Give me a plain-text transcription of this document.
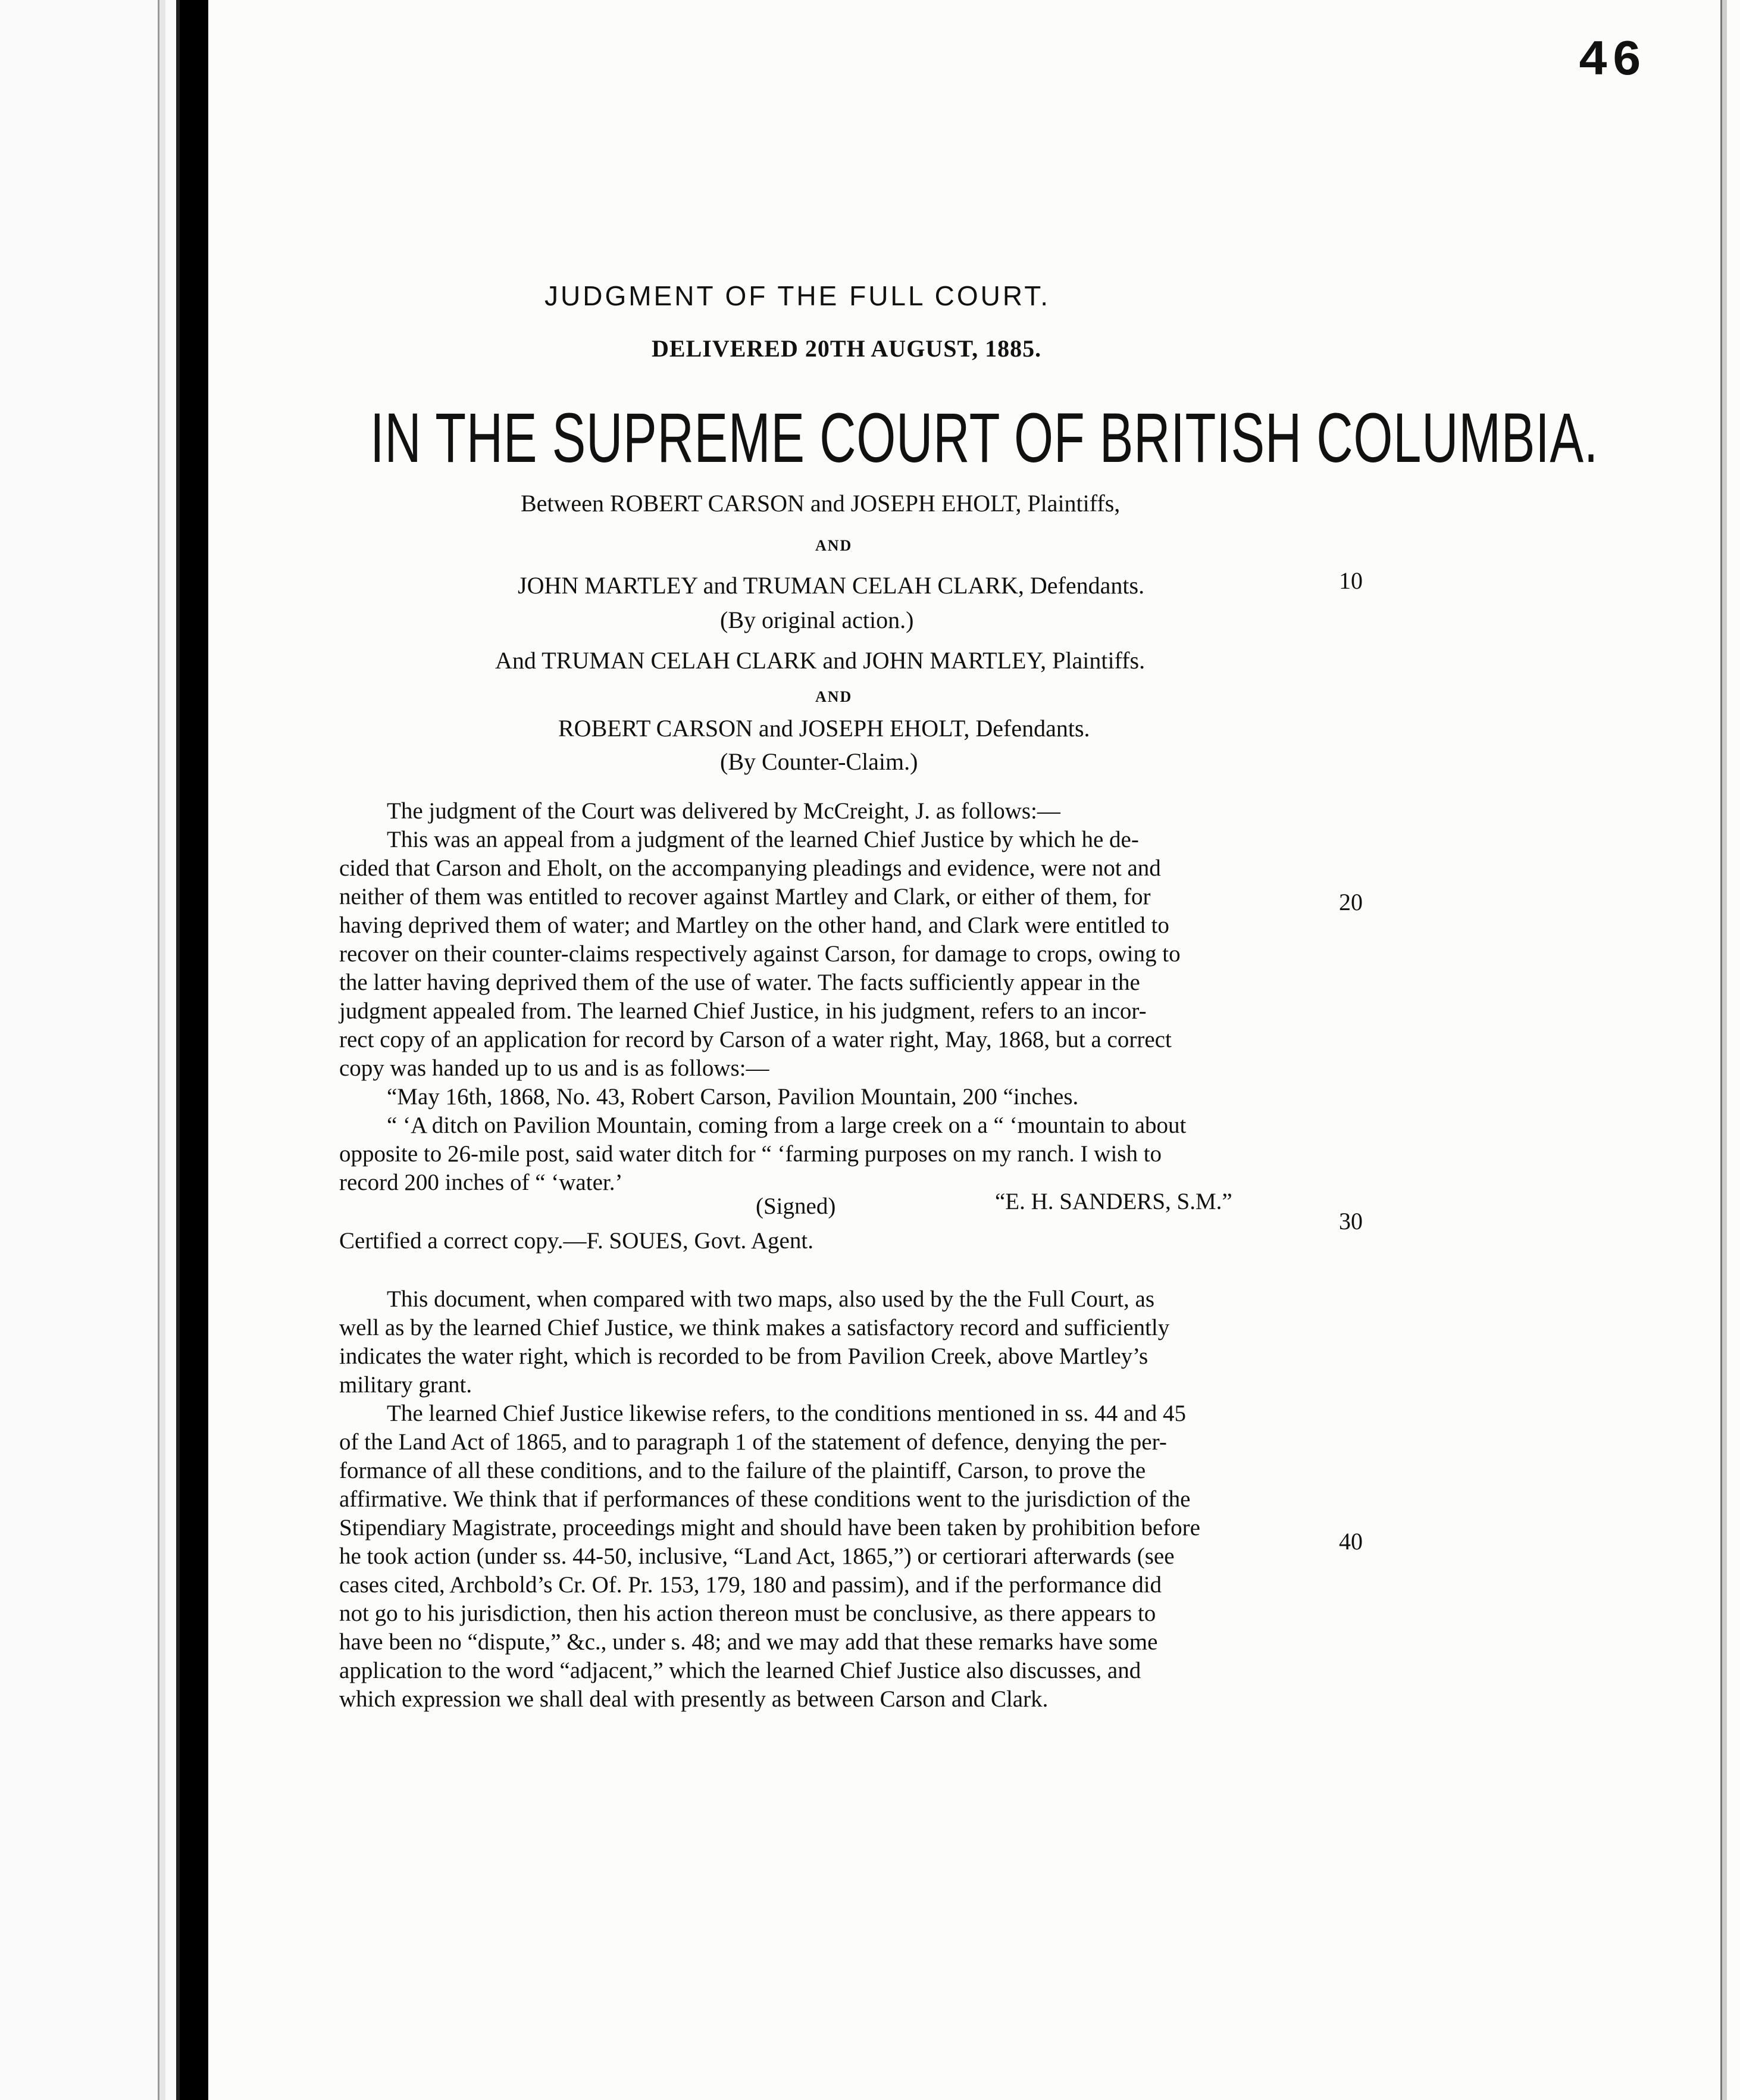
46

JUDGMENT OF THE FULL COURT.

DELIVERED 20TH AUGUST, 1885.

IN THE SUPREME COURT OF BRITISH COLUMBIA.

Between ROBERT CARSON and JOSEPH EHOLT, Plaintiffs,

AND

JOHN MARTLEY and TRUMAN CELAH CLARK, Defendants.

(By original action.)

And TRUMAN CELAH CLARK and JOHN MARTLEY, Plaintiffs.

AND

ROBERT CARSON and JOSEPH EHOLT, Defendants.

(By Counter-Claim.)

10

20

30

40

The judgment of the Court was delivered by McCreight, J. as follows:—

This was an appeal from a judgment of the learned Chief Justice by which he de-

cided that Carson and Eholt, on the accompanying pleadings and evidence, were not and

neither of them was entitled to recover against Martley and Clark, or either of them, for

having deprived them of water; and Martley on the other hand, and Clark were entitled to

recover on their counter-claims respectively against Carson, for damage to crops, owing to

the latter having deprived them of the use of water. The facts sufficiently appear in the

judgment appealed from. The learned Chief Justice, in his judgment, refers to an incor-

rect copy of an application for record by Carson of a water right, May, 1868, but a correct

copy was handed up to us and is as follows:—

“May 16th, 1868, No. 43, Robert Carson, Pavilion Mountain, 200 “inches.

“ ‘A ditch on Pavilion Mountain, coming from a large creek on a “ ‘mountain to about

opposite to 26-mile post, said water ditch for “ ‘farming purposes on my ranch. I wish to

record 200 inches of “ ‘water.’

(Signed)	“E. H. SANDERS, S.M.”

Certified a correct copy.—F. SOUES, Govt. Agent.

This document, when compared with two maps, also used by the the Full Court, as

well as by the learned Chief Justice, we think makes a satisfactory record and sufficiently

indicates the water right, which is recorded to be from Pavilion Creek, above Martley’s

military grant.

The learned Chief Justice likewise refers, to the conditions mentioned in ss. 44 and 45

of the Land Act of 1865, and to paragraph 1 of the statement of defence, denying the per-

formance of all these conditions, and to the failure of the plaintiff, Carson, to prove the

affirmative. We think that if performances of these conditions went to the jurisdiction of the

Stipendiary Magistrate, proceedings might and should have been taken by prohibition before

he took action (under ss. 44-50, inclusive, “Land Act, 1865,”) or certiorari afterwards (see

cases cited, Archbold’s Cr. Of. Pr. 153, 179, 180 and passim), and if the performance did

not go to his jurisdiction, then his action thereon must be conclusive, as there appears to

have been no “dispute,” &c., under s. 48; and we may add that these remarks have some

application to the word “adjacent,” which the learned Chief Justice also discusses, and

which expression we shall deal with presently as between Carson and Clark.
